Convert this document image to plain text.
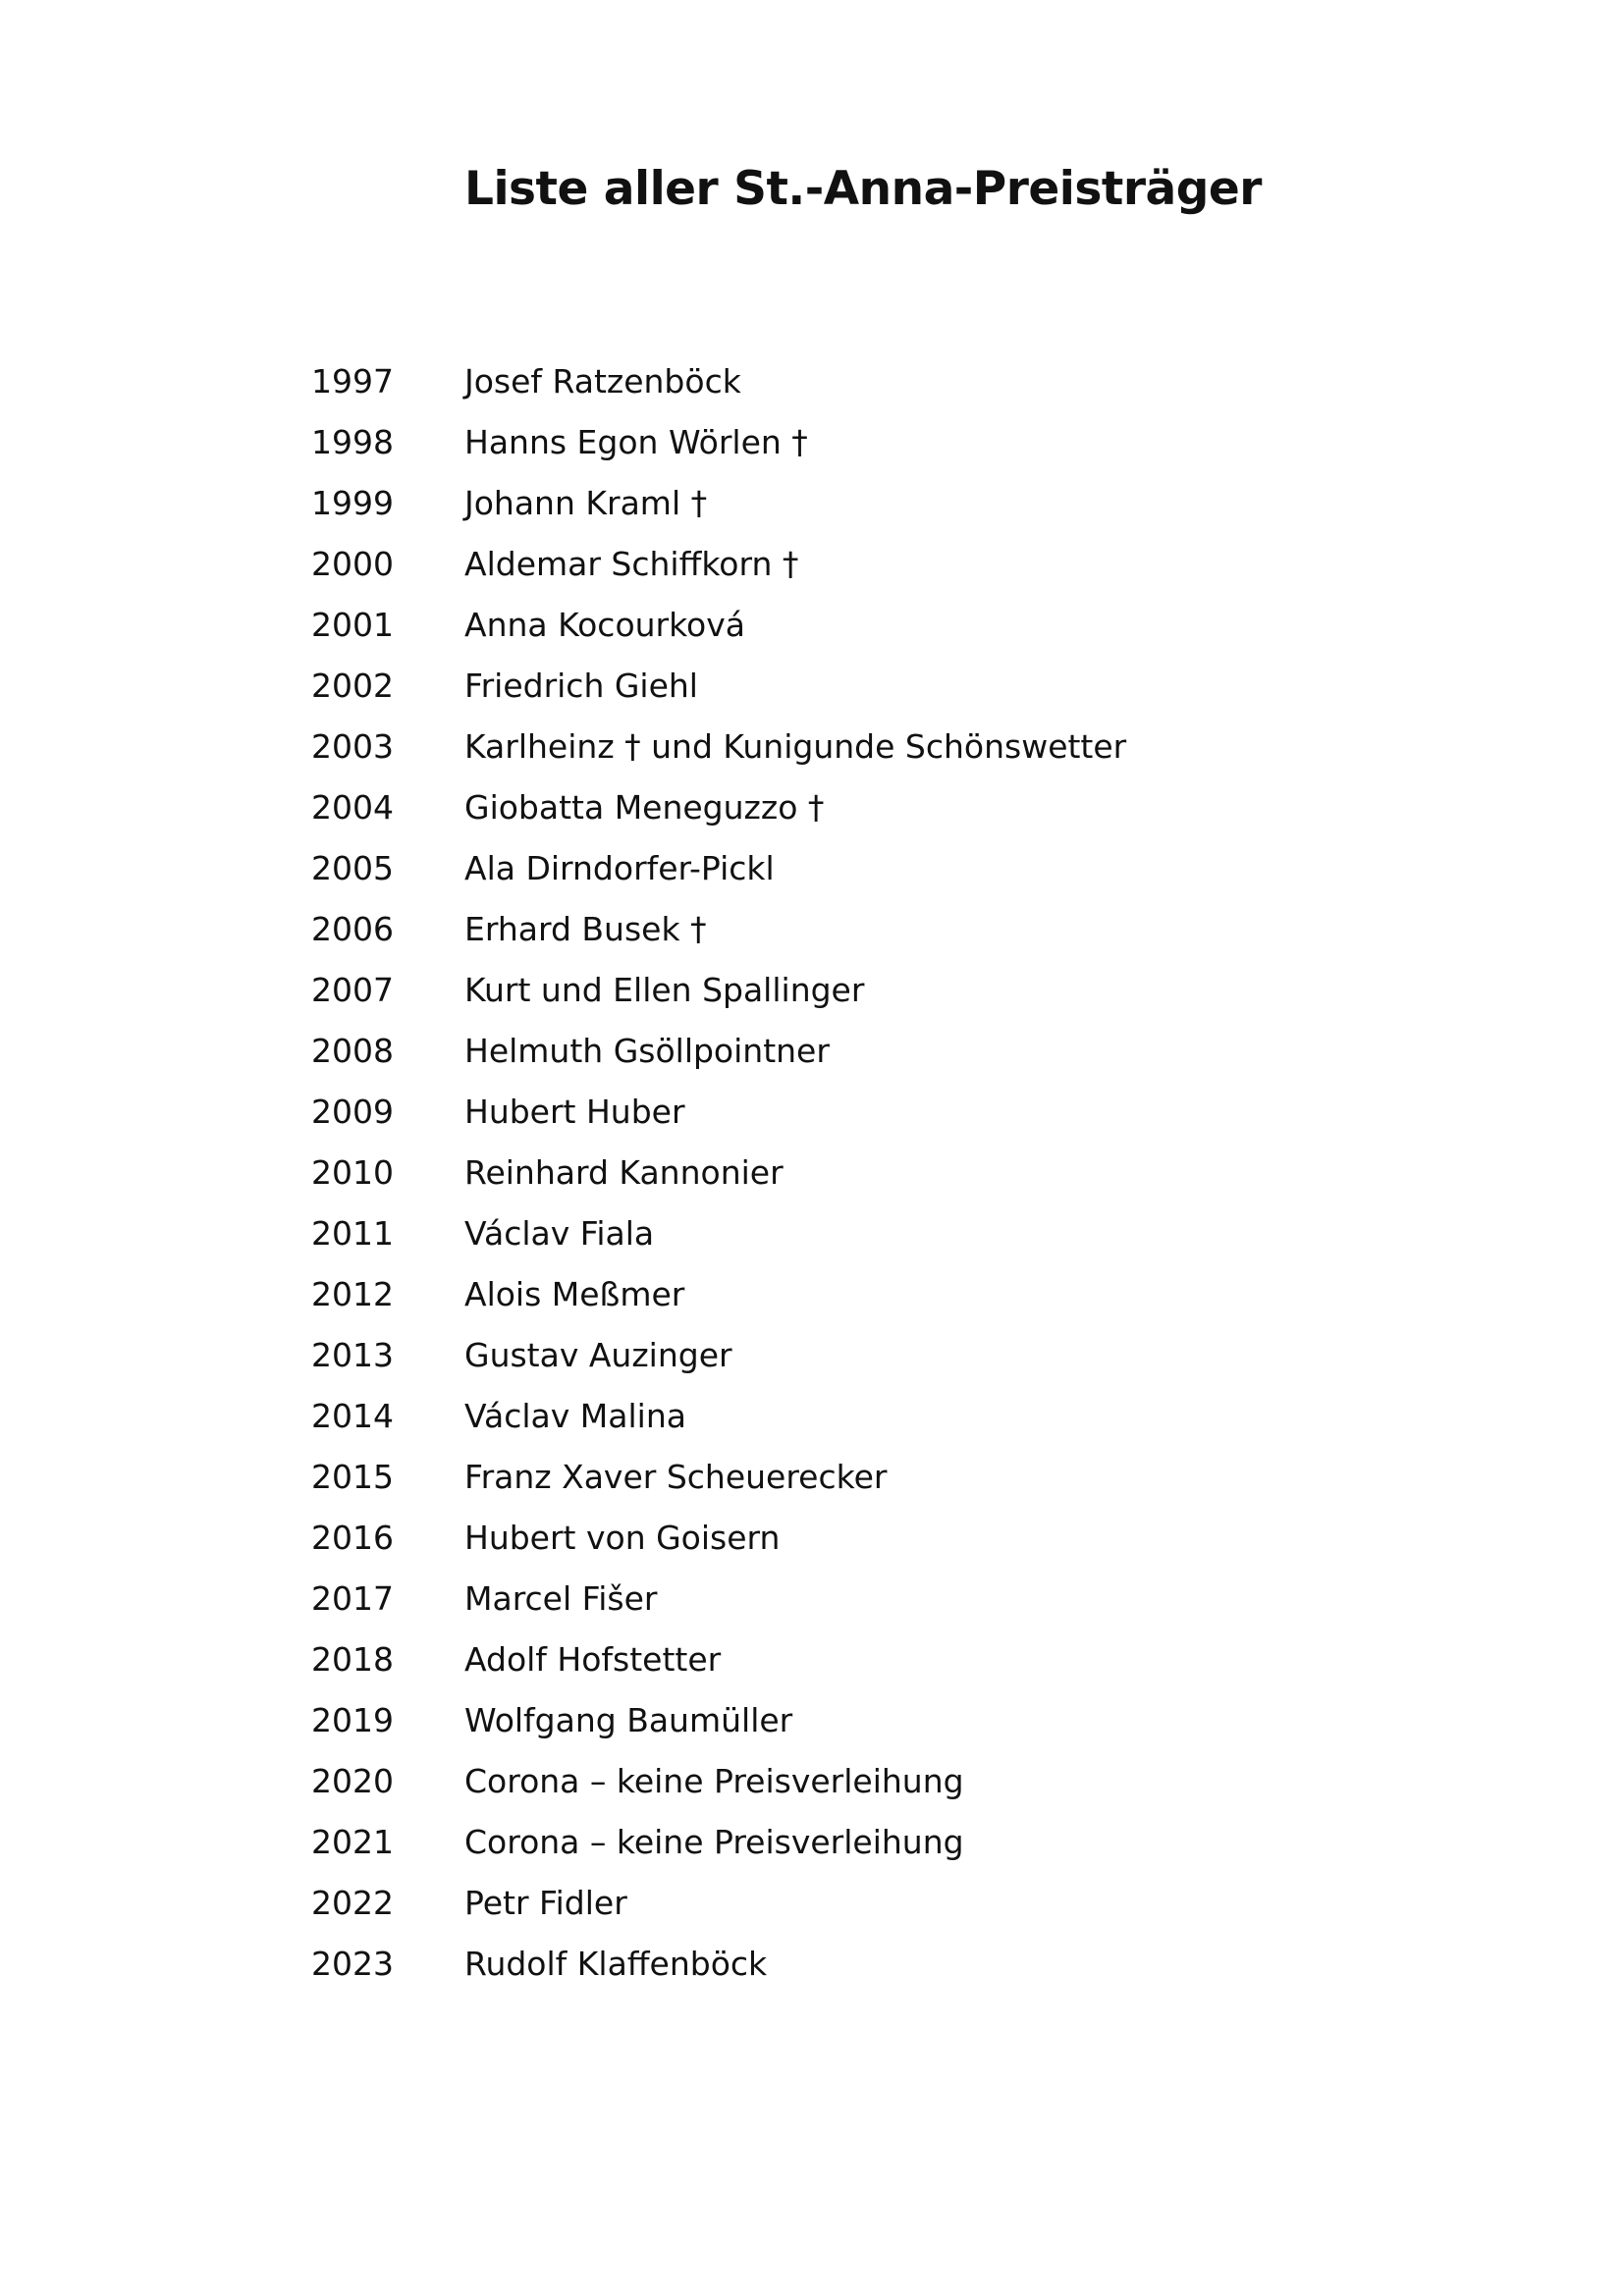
Liste aller St.-Anna-Preisträger
1997 Josef Ratzenböck
1998 Hanns Egon Wörlen †
1999 Johann Kraml †
2000 Aldemar Schiffkorn †
2001 Anna Kocourková
2002 Friedrich Giehl
2003 Karlheinz † und Kunigunde Schönswetter
2004 Giobatta Meneguzzo †
2005 Ala Dirndorfer-Pickl
2006 Erhard Busek †
2007 Kurt und Ellen Spallinger
2008 Helmuth Gsöllpointner
2009 Hubert Huber
2010 Reinhard Kannonier
2011 Václav Fiala
2012 Alois Meßmer
2013 Gustav Auzinger
2014 Václav Malina
2015 Franz Xaver Scheuerecker
2016 Hubert von Goisern
2017 Marcel Fišer
2018 Adolf Hofstetter
2019 Wolfgang Baumüller
2020 Corona – keine Preisverleihung
2021 Corona – keine Preisverleihung
2022 Petr Fidler
2023 Rudolf Klaffenböck
